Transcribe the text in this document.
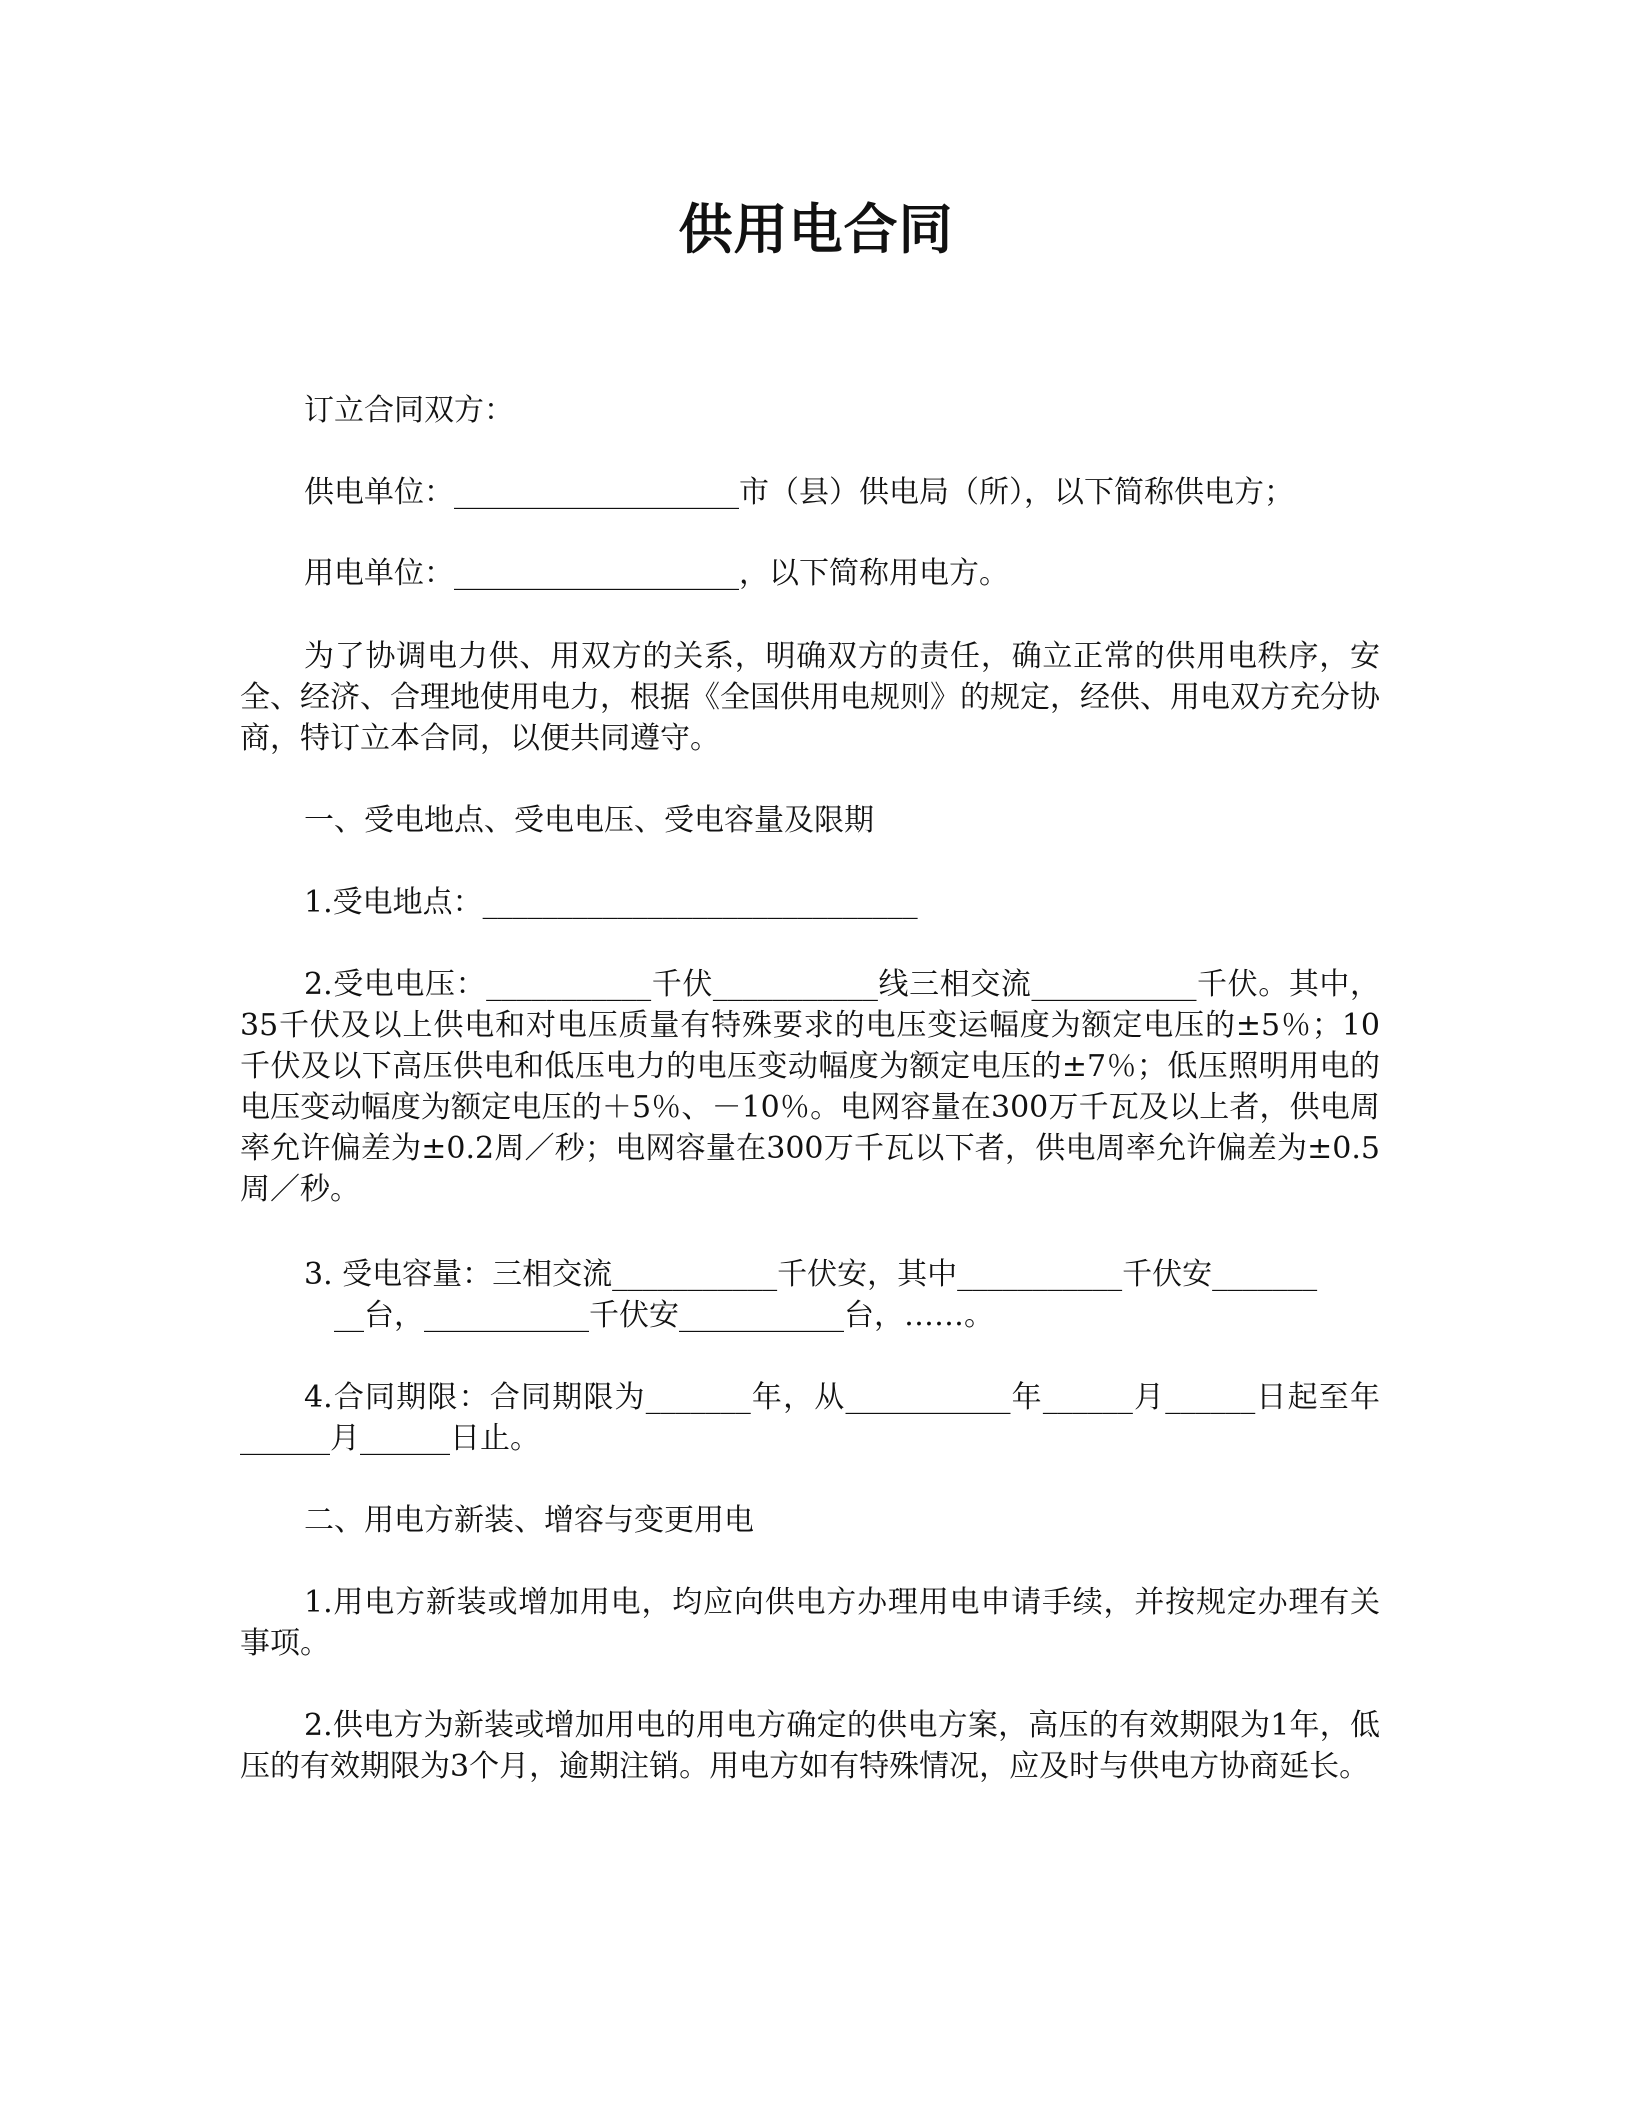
供用电合同
订立合同双方：
供电单位：___________________市（县）供电局（所），以下简称供电方；
用电单位：___________________，以下简称用电方。
为了协调电力供、用双方的关系，明确双方的责任，确立正常的供用电秩序，安全、经济、合理地使用电力，根据《全国供用电规则》的规定，经供、用电双方充分协商，特订立本合同，以便共同遵守。
一、受电地点、受电电压、受电容量及限期
1.受电地点：_____________________________
2.受电电压：___________千伏___________线三相交流___________千伏。其中，35千伏及以上供电和对电压质量有特殊要求的电压变运幅度为额定电压的±5％；10千伏及以下高压供电和低压电力的电压变动幅度为额定电压的±7％；低压照明用电的电压变动幅度为额定电压的＋5％、－10％。电网容量在300万千瓦及以上者，供电周率允许偏差为±0.2周／秒；电网容量在300万千瓦以下者，供电周率允许偏差为±0.5周／秒。
3. 受电容量：三相交流___________千伏安，其中___________千伏安_______
__台，___________千伏安___________台，……。
4.合同期限：合同期限为_______年，从___________年______月______日起至年______月______日止。
二、用电方新装、增容与变更用电
1.用电方新装或增加用电，均应向供电方办理用电申请手续，并按规定办理有关事项。
2.供电方为新装或增加用电的用电方确定的供电方案，高压的有效期限为1年，低压的有效期限为3个月，逾期注销。用电方如有特殊情况，应及时与供电方协商延长。
